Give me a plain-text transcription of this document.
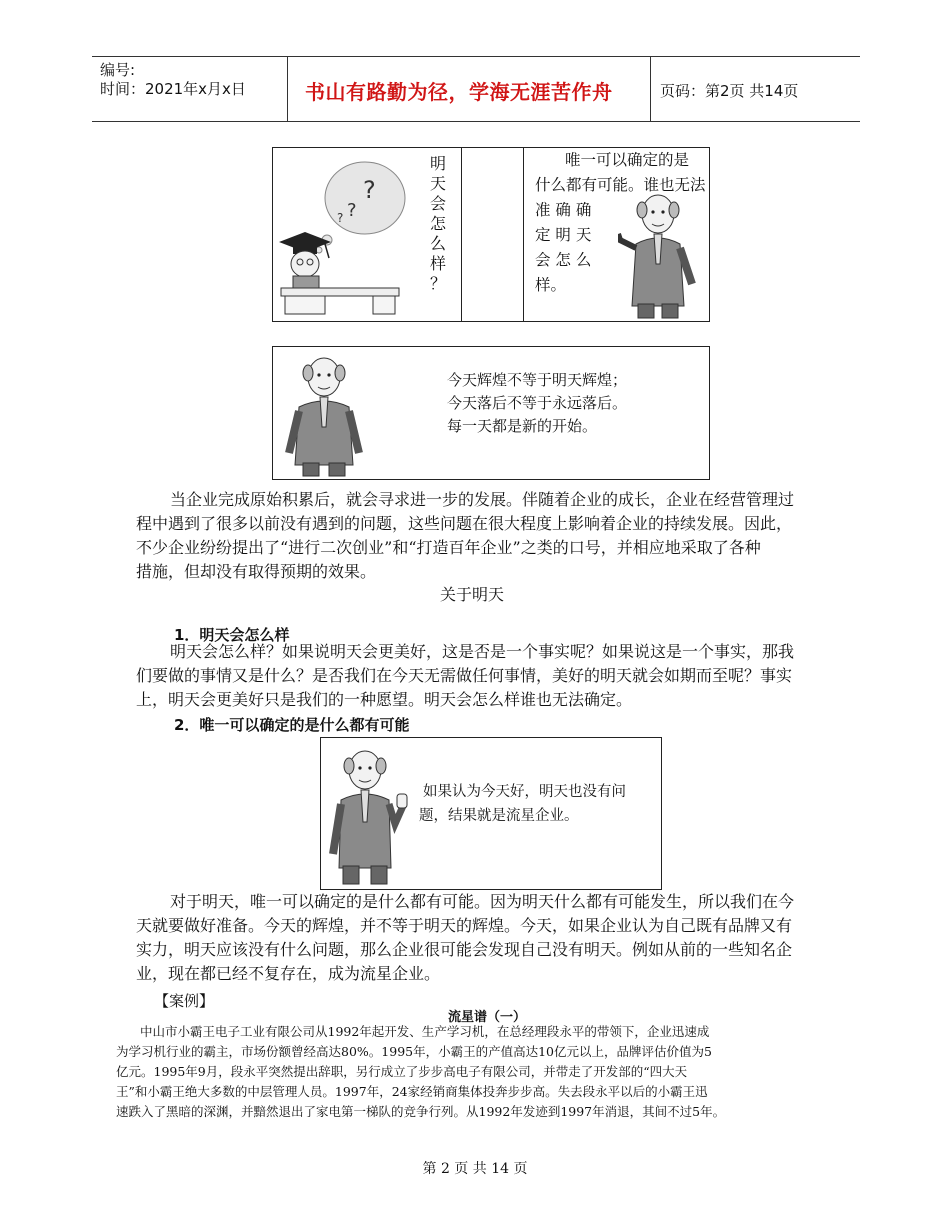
编号:
时间：2021年x月x日	书山有路勤为径，学海无涯苦作舟	页码：第2页 共14页
?
?
?
明
天
会
怎
么
样
？
唯一可以确定的是
什么都有可能。谁也无法
准 确 确
定 明 天
会 怎 么
样。
今天辉煌不等于明天辉煌；
今天落后不等于永远落后。
每一天都是新的开始。
当企业完成原始积累后，就会寻求进一步的发展。伴随着企业的成长，企业在经营管理过
程中遇到了很多以前没有遇到的问题，这些问题在很大程度上影响着企业的持续发展。因此，
不少企业纷纷提出了“进行二次创业”和“打造百年企业”之类的口号，并相应地采取了各种
措施，但却没有取得预期的效果。
关于明天
1．明天会怎么样
明天会怎么样？如果说明天会更美好，这是否是一个事实呢？如果说这是一个事实，那我
们要做的事情又是什么？是否我们在今天无需做任何事情，美好的明天就会如期而至呢？事实
上，明天会更美好只是我们的一种愿望。明天会怎么样谁也无法确定。
2．唯一可以确定的是什么都有可能
如果认为今天好，明天也没有问
题，结果就是流星企业。
对于明天，唯一可以确定的是什么都有可能。因为明天什么都有可能发生，所以我们在今
天就要做好准备。今天的辉煌，并不等于明天的辉煌。今天，如果企业认为自己既有品牌又有
实力，明天应该没有什么问题，那么企业很可能会发现自己没有明天。例如从前的一些知名企
业，现在都已经不复存在，成为流星企业。
【案例】
流星谱（一）
中山市小霸王电子工业有限公司从1992年起开发、生产学习机，在总经理段永平的带领下，企业迅速成
为学习机行业的霸主，市场份额曾经高达80%。1995年，小霸王的产值高达10亿元以上，品牌评估价值为5
亿元。1995年9月，段永平突然提出辞职，另行成立了步步高电子有限公司，并带走了开发部的“四大天
王”和小霸王绝大多数的中层管理人员。1997年，24家经销商集体投奔步步高。失去段永平以后的小霸王迅
速跌入了黑暗的深渊，并黯然退出了家电第一梯队的竞争行列。从1992年发迹到1997年消退，其间不过5年。
第 2 页 共 14 页
